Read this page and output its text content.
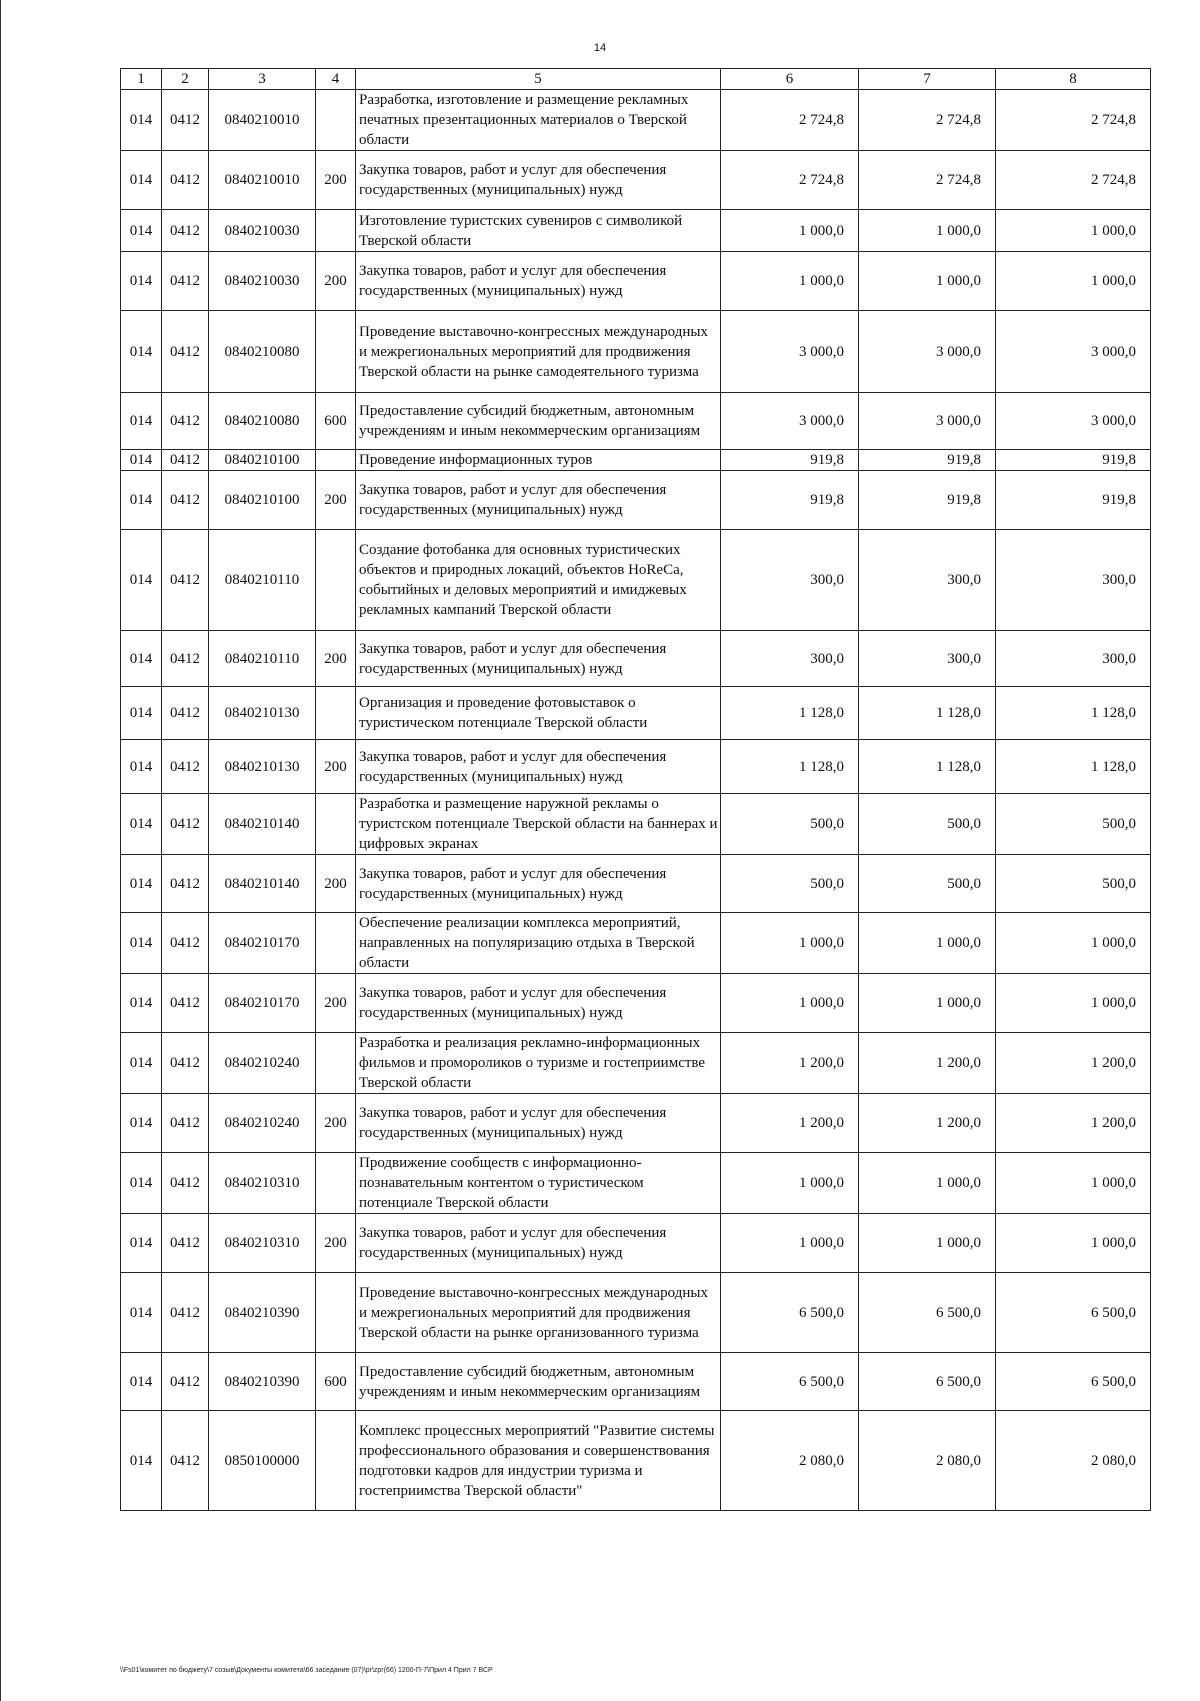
14
1	2	3	4	5	6	7	8
014	0412	0840210010		Разработка, изготовление и размещение рекламных печатных презентационных материалов о Тверской области	2 724,8	2 724,8	2 724,8
014	0412	0840210010	200	Закупка товаров, работ и услуг для обеспечения государственных (муниципальных) нужд	2 724,8	2 724,8	2 724,8
014	0412	0840210030		Изготовление туристских сувениров с символикой Тверской области	1 000,0	1 000,0	1 000,0
014	0412	0840210030	200	Закупка товаров, работ и услуг для обеспечения государственных (муниципальных) нужд	1 000,0	1 000,0	1 000,0
014	0412	0840210080		Проведение выставочно-конгрессных международных и межрегиональных мероприятий для продвижения Тверской области на рынке самодеятельного туризма	3 000,0	3 000,0	3 000,0
014	0412	0840210080	600	Предоставление субсидий бюджетным, автономным учреждениям и иным некоммерческим организациям	3 000,0	3 000,0	3 000,0
014	0412	0840210100		Проведение информационных туров	919,8	919,8	919,8
014	0412	0840210100	200	Закупка товаров, работ и услуг для обеспечения государственных (муниципальных) нужд	919,8	919,8	919,8
014	0412	0840210110		Создание фотобанка для основных туристических объектов и природных локаций, объектов HoReCa, событийных и деловых мероприятий и имиджевых рекламных кампаний Тверской области	300,0	300,0	300,0
014	0412	0840210110	200	Закупка товаров, работ и услуг для обеспечения государственных (муниципальных) нужд	300,0	300,0	300,0
014	0412	0840210130		Организация и проведение фотовыставок о туристическом потенциале Тверской области	1 128,0	1 128,0	1 128,0
014	0412	0840210130	200	Закупка товаров, работ и услуг для обеспечения государственных (муниципальных) нужд	1 128,0	1 128,0	1 128,0
014	0412	0840210140		Разработка и размещение наружной рекламы о туристском потенциале Тверской области на баннерах и цифровых экранах	500,0	500,0	500,0
014	0412	0840210140	200	Закупка товаров, работ и услуг для обеспечения государственных (муниципальных) нужд	500,0	500,0	500,0
014	0412	0840210170		Обеспечение реализации комплекса мероприятий, направленных на популяризацию отдыха в Тверской области	1 000,0	1 000,0	1 000,0
014	0412	0840210170	200	Закупка товаров, работ и услуг для обеспечения государственных (муниципальных) нужд	1 000,0	1 000,0	1 000,0
014	0412	0840210240		Разработка и реализация рекламно-информационных фильмов и промороликов о туризме и гостеприимстве Тверской области	1 200,0	1 200,0	1 200,0
014	0412	0840210240	200	Закупка товаров, работ и услуг для обеспечения государственных (муниципальных) нужд	1 200,0	1 200,0	1 200,0
014	0412	0840210310		Продвижение сообществ с информационно-познавательным контентом о туристическом потенциале Тверской области	1 000,0	1 000,0	1 000,0
014	0412	0840210310	200	Закупка товаров, работ и услуг для обеспечения государственных (муниципальных) нужд	1 000,0	1 000,0	1 000,0
014	0412	0840210390		Проведение выставочно-конгрессных международных и межрегиональных мероприятий для продвижения Тверской области на рынке организованного туризма	6 500,0	6 500,0	6 500,0
014	0412	0840210390	600	Предоставление субсидий бюджетным, автономным учреждениям и иным некоммерческим организациям	6 500,0	6 500,0	6 500,0
014	0412	0850100000		Комплекс процессных мероприятий "Развитие системы профессионального образования и совершенствования подготовки кадров для индустрии туризма и гостеприимства Тверской области"	2 080,0	2 080,0	2 080,0
\\Fs01\комитет по бюджету\7 созыв\Документы комитета\66 заседание (07)\pr\zpr(66) 1200-П-7\Прил 4 Прил 7 ВСР
